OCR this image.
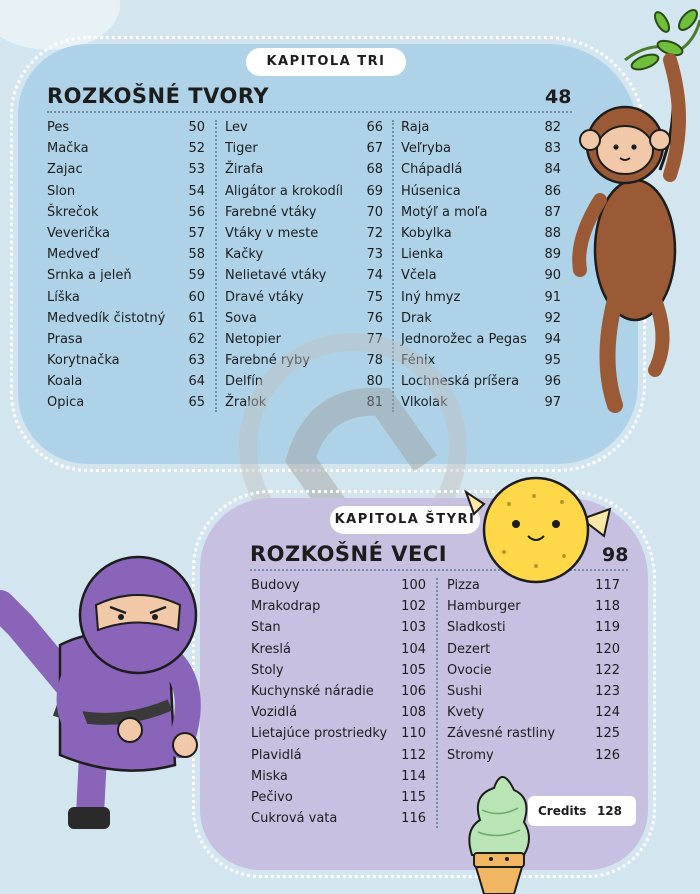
KAPITOLA TRI
ROZKOŠNÉ TVORY	48
Pes	50
Mačka	52
Zajac	53
Slon	54
Škrečok	56
Veverička	57
Medveď	58
Srnka a jeleň	59
Líška	60
Medvedík čistotný 61
Prasa	62
Korytnačka	63
Koala	64
Opica	65
Lev	66
Tiger	67
Žirafa	68
Aligátor a krokodíl 69
Farebné vtáky	70
Vtáky v meste	72
Kačky	73
Nelietavé vtáky	74
Dravé vtáky	75
Sova	76
Netopier	77
Farebné ryby	78
Delfín	80
Žralok	81
Raja	82
Veľryba	83
Chápadlá	84
Húsenica	86
Motýľ a moľa	87
Kobylka	88
Lienka	89
Včela	90
Iný hmyz	91
Drak	92
Jednorožec a Pegas 94
Fénix	95
Lochneská príšera 96
Vlkolak	97
KAPITOLA ŠTYRI
ROZKOŠNÉ VECI	98
Budovy	100
Mrakodrap	102
Stan	103
Kreslá	104
Stoly	105
Kuchynské náradie 106
Vozidlá	108
Lietajúce prostriedky 110
Plavidlá	112
Miska	114
Pečivo	115
Cukrová vata	116
Pizza	117
Hamburger	118
Sladkosti	119
Dezert	120
Ovocie	122
Sushi	123
Kvety	124
Závesné rastliny	125
Stromy	126
Credits 128
